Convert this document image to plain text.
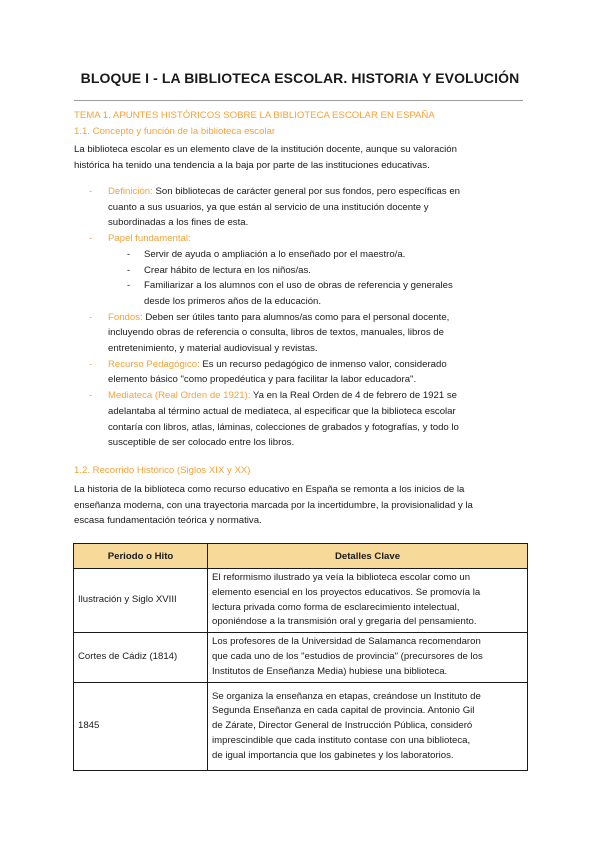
BLOQUE I - LA BIBLIOTECA ESCOLAR. HISTORIA Y EVOLUCIÓN
TEMA 1. APUNTES HISTÓRICOS SOBRE LA BIBLIOTECA ESCOLAR EN ESPAÑA
1.1. Concepto y función de la biblioteca escolar
La biblioteca escolar es un elemento clave de la institución docente, aunque su valoración
histórica ha tenido una tendencia a la baja por parte de las instituciones educativas.
- Definición: Son bibliotecas de carácter general por sus fondos, pero específicas en
cuanto a sus usuarios, ya que están al servicio de una institución docente y
subordinadas a los fines de esta.
- Papel fundamental:
- Servir de ayuda o ampliación a lo enseñado por el maestro/a.
- Crear hábito de lectura en los niños/as.
- Familiarizar a los alumnos con el uso de obras de referencia y generales
desde los primeros años de la educación.
- Fondos: Deben ser útiles tanto para alumnos/as como para el personal docente,
incluyendo obras de referencia o consulta, libros de textos, manuales, libros de
entretenimiento, y material audiovisual y revistas.
- Recurso Pedagógico: Es un recurso pedagógico de inmenso valor, considerado
elemento básico "como propedéutica y para facilitar la labor educadora".
- Mediateca (Real Orden de 1921): Ya en la Real Orden de 4 de febrero de 1921 se
adelantaba al término actual de mediateca, al especificar que la biblioteca escolar
contaría con libros, atlas, láminas, colecciones de grabados y fotografías, y todo lo
susceptible de ser colocado entre los libros.
1.2. Recorrido Histórico (Siglos XIX y XX)
La historia de la biblioteca como recurso educativo en España se remonta a los inicios de la
enseñanza moderna, con una trayectoria marcada por la incertidumbre, la provisionalidad y la
escasa fundamentación teórica y normativa.
Periodo o Hito	Detalles Clave
Ilustración y Siglo XVIII	El reformismo ilustrado ya veía la biblioteca escolar como un
elemento esencial en los proyectos educativos. Se promovía la
lectura privada como forma de esclarecimiento intelectual,
oponiéndose a la transmisión oral y gregaria del pensamiento.

Cortes de Cádiz (1814)	Los profesores de la Universidad de Salamanca recomendaron
que cada uno de los "estudios de provincia" (precursores de los
Institutos de Enseñanza Media) hubiese una biblioteca.

1845	Se organiza la enseñanza en etapas, creándose un Instituto de
Segunda Enseñanza en cada capital de provincia. Antonio Gil
de Zárate, Director General de Instrucción Pública, consideró
imprescindible que cada instituto contase con una biblioteca,
de igual importancia que los gabinetes y los laboratorios.
